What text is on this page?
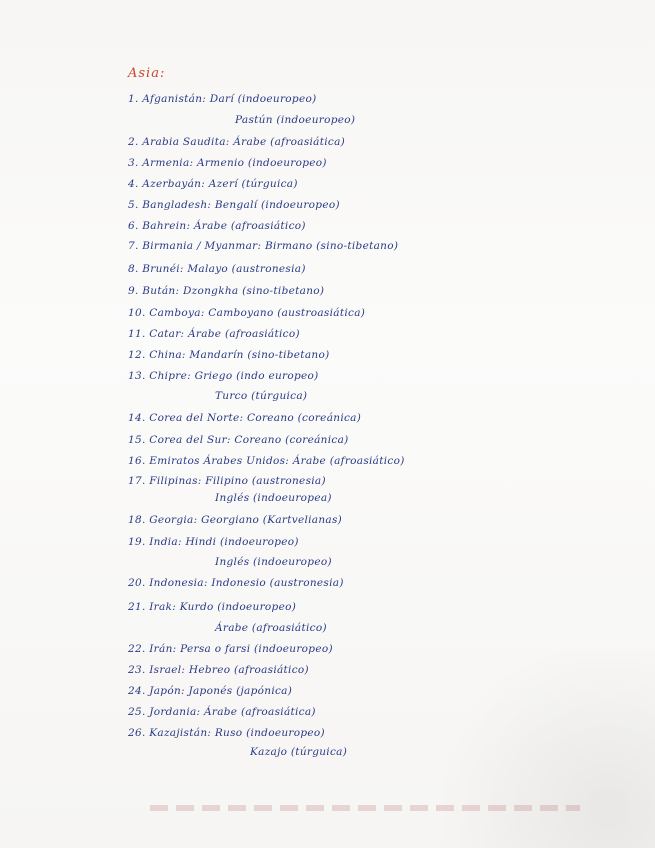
Asia:
1. Afganistán: Darí (indoeuropeo)
Pastún (indoeuropeo)
2. Arabia Saudita: Árabe (afroasiática)
3. Armenia: Armenio (indoeuropeo)
4. Azerbayán: Azerí (túrguica)
5. Bangladesh: Bengalí (indoeuropeo)
6. Bahrein: Árabe (afroasiático)
7. Birmania / Myanmar: Birmano (sino-tibetano)
8. Brunéi: Malayo (austronesia)
9. Bután: Dzongkha (sino-tibetano)
10. Camboya: Camboyano (austroasiática)
11. Catar: Árabe (afroasiático)
12. China: Mandarín (sino-tibetano)
13. Chipre: Griego (indo europeo)
Turco (túrguica)
14. Corea del Norte: Coreano (coreánica)
15. Corea del Sur: Coreano (coreánica)
16. Emiratos Árabes Unidos: Árabe (afroasiático)
17. Filipinas: Filipino (austronesia)
Inglés (indoeuropea)
18. Georgia: Georgiano (Kartvelianas)
19. India: Hindi (indoeuropeo)
Inglés (indoeuropeo)
20. Indonesia: Indonesio (austronesia)
21. Irak: Kurdo (indoeuropeo)
Árabe (afroasiático)
22. Irán: Persa o farsi (indoeuropeo)
23. Israel: Hebreo (afroasiático)
24. Japón: Japonés (japónica)
25. Jordania: Árabe (afroasiática)
26. Kazajistán: Ruso (indoeuropeo)
Kazajo (túrguica)
